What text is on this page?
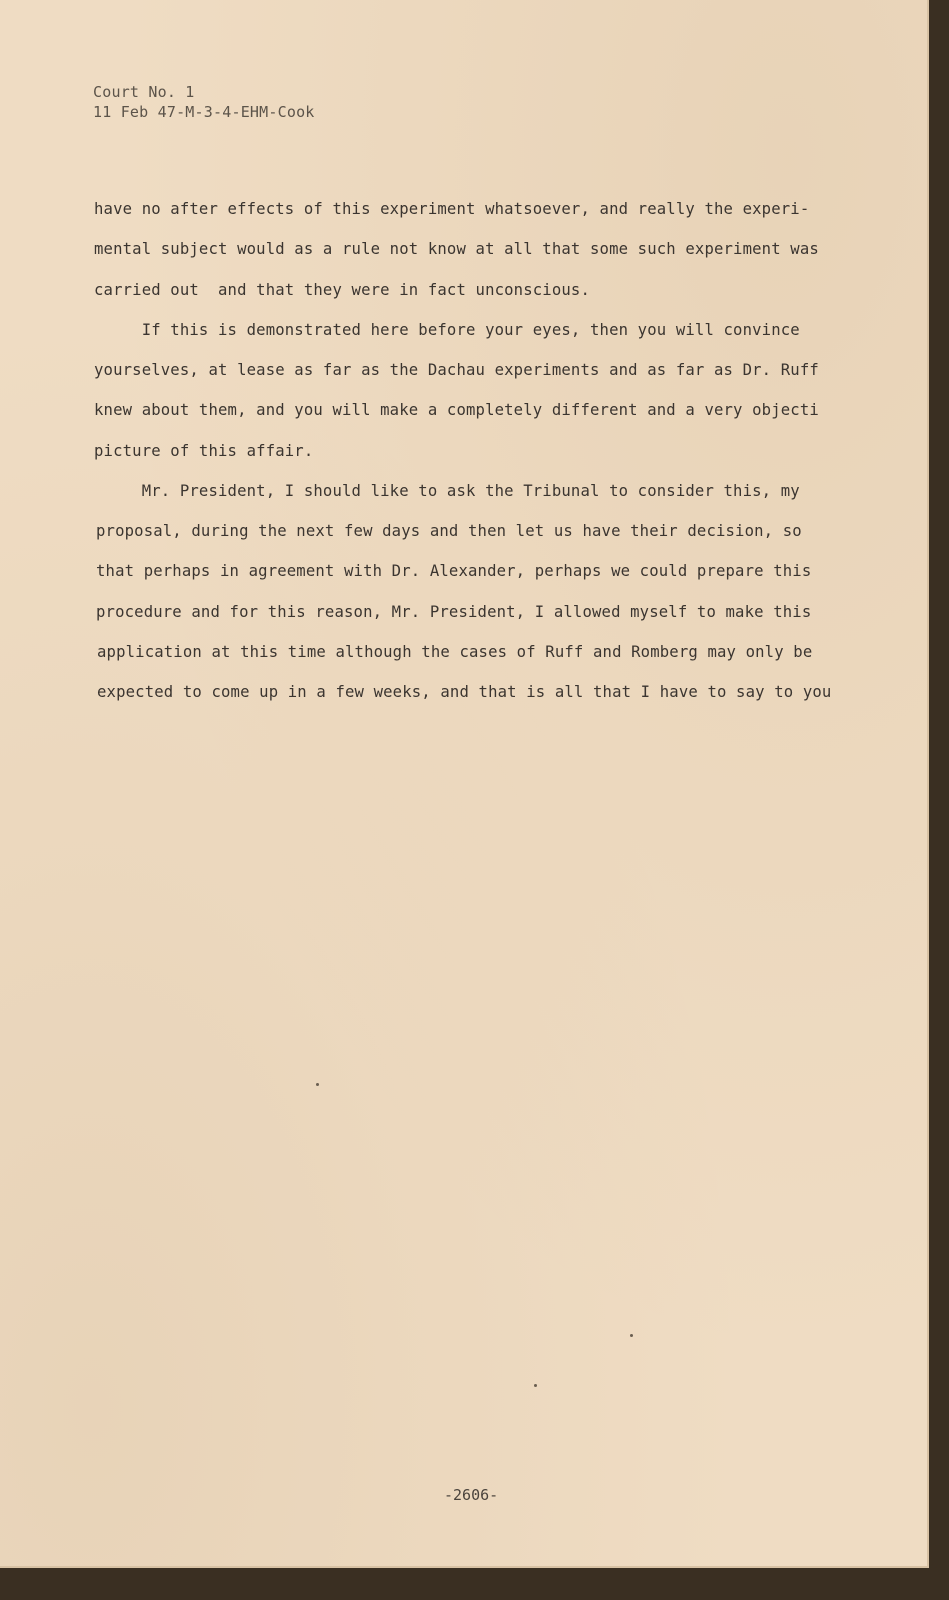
Court No. 1
11 Feb 47-M-3-4-EHM-Cook
have no after effects of this experiment whatsoever, and really the experi-
mental subject would as a rule not know at all that some such experiment was
carried out  and that they were in fact unconscious.
If this is demonstrated here before your eyes, then you will convince
yourselves, at lease as far as the Dachau experiments and as far as Dr. Ruff
knew about them, and you will make a completely different and a very objecti
picture of this affair.
Mr. President, I should like to ask the Tribunal to consider this, my
proposal, during the next few days and then let us have their decision, so
that perhaps in agreement with Dr. Alexander, perhaps we could prepare this
procedure and for this reason, Mr. President, I allowed myself to make this
application at this time although the cases of Ruff and Romberg may only be
expected to come up in a few weeks, and that is all that I have to say to you
-2606-
